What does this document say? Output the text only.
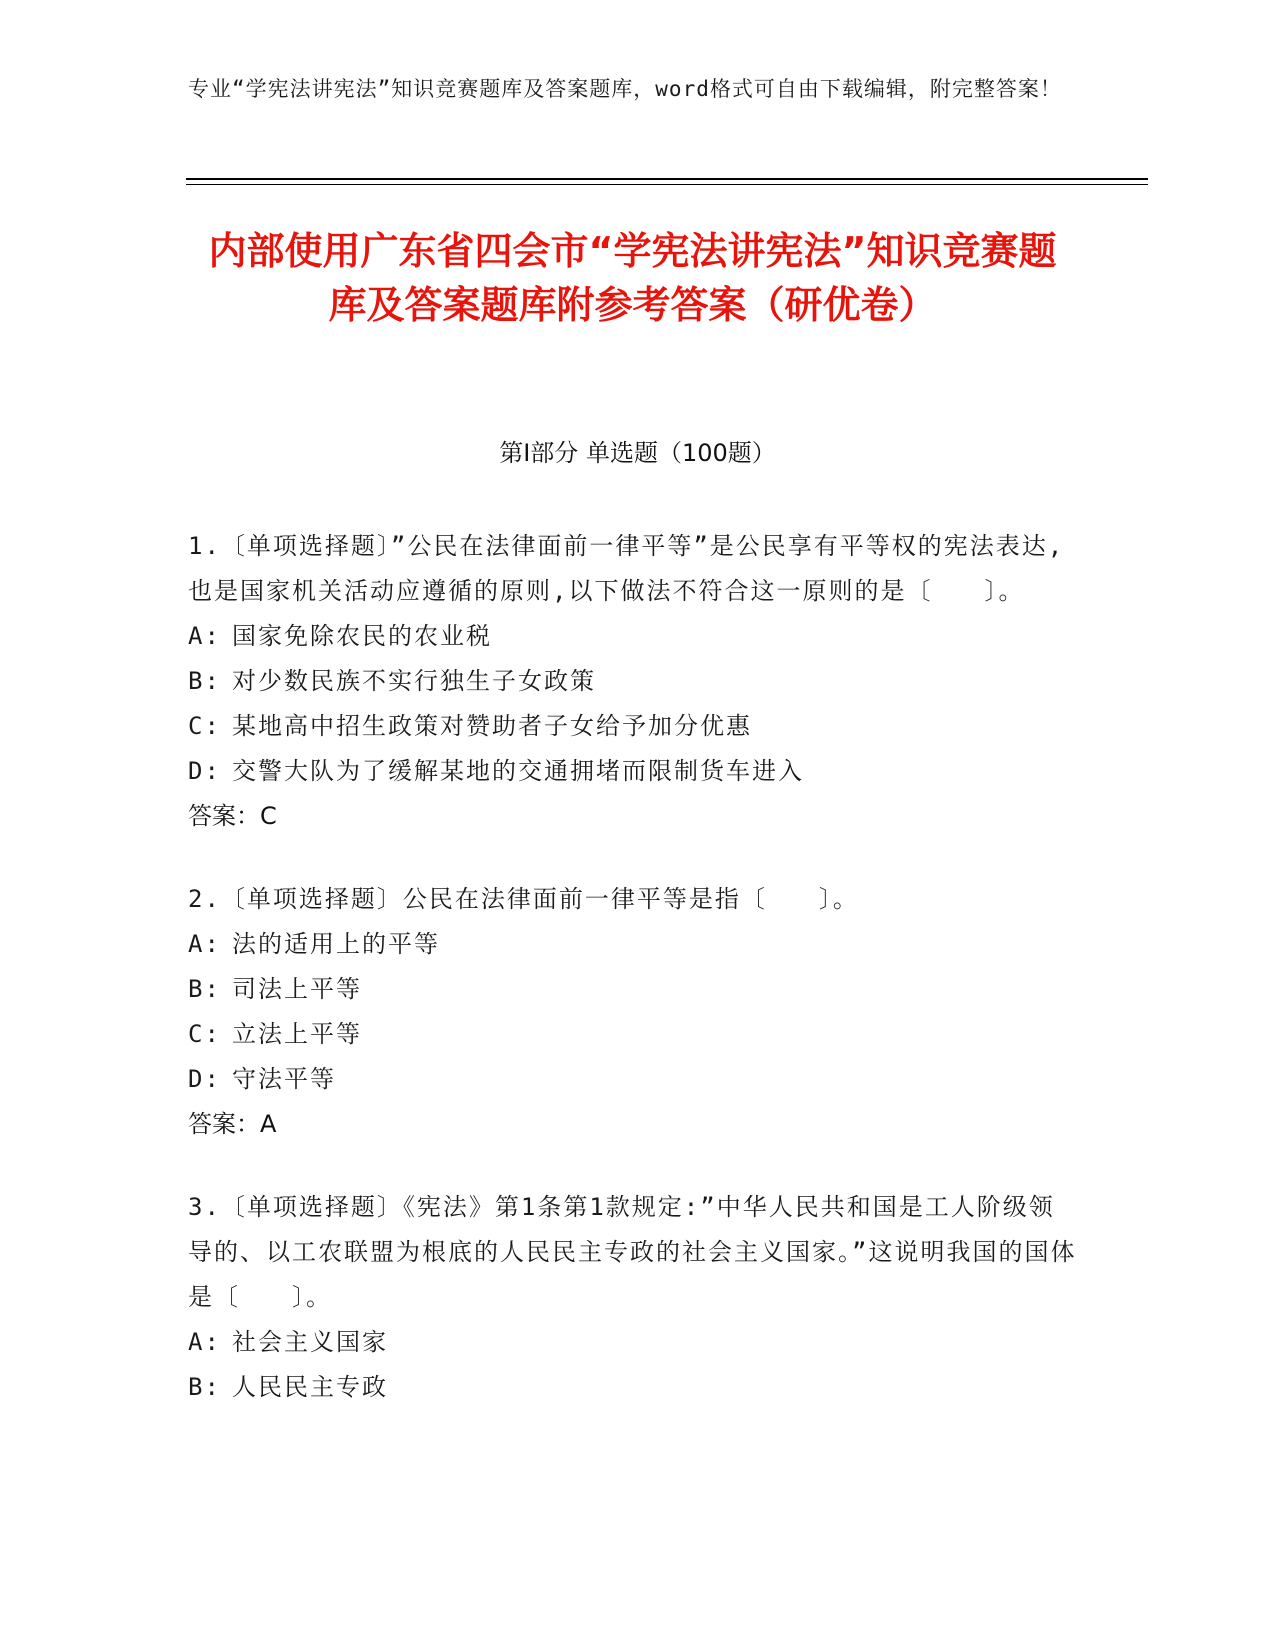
专业“学宪法讲宪法”知识竞赛题库及答案题库，word格式可自由下载编辑，附完整答案！
内部使用广东省四会市“学宪法讲宪法”知识竞赛题库及答案题库附参考答案（研优卷）
第Ⅰ部分 单选题（100题）
1.〔单项选择题〕”公民在法律面前一律平等”是公民享有平等权的宪法表达,也是国家机关活动应遵循的原则,以下做法不符合这一原则的是〔　　〕。
A: 国家免除农民的农业税
B: 对少数民族不实行独生子女政策
C: 某地高中招生政策对赞助者子女给予加分优惠
D: 交警大队为了缓解某地的交通拥堵而限制货车进入
答案：C
2.〔单项选择题〕公民在法律面前一律平等是指〔　　〕。
A: 法的适用上的平等
B: 司法上平等
C: 立法上平等
D: 守法平等
答案：A
3.〔单项选择题〕《宪法》第1条第1款规定:”中华人民共和国是工人阶级领导的、以工农联盟为根底的人民民主专政的社会主义国家。”这说明我国的国体是〔　　〕。
A: 社会主义国家
B: 人民民主专政
